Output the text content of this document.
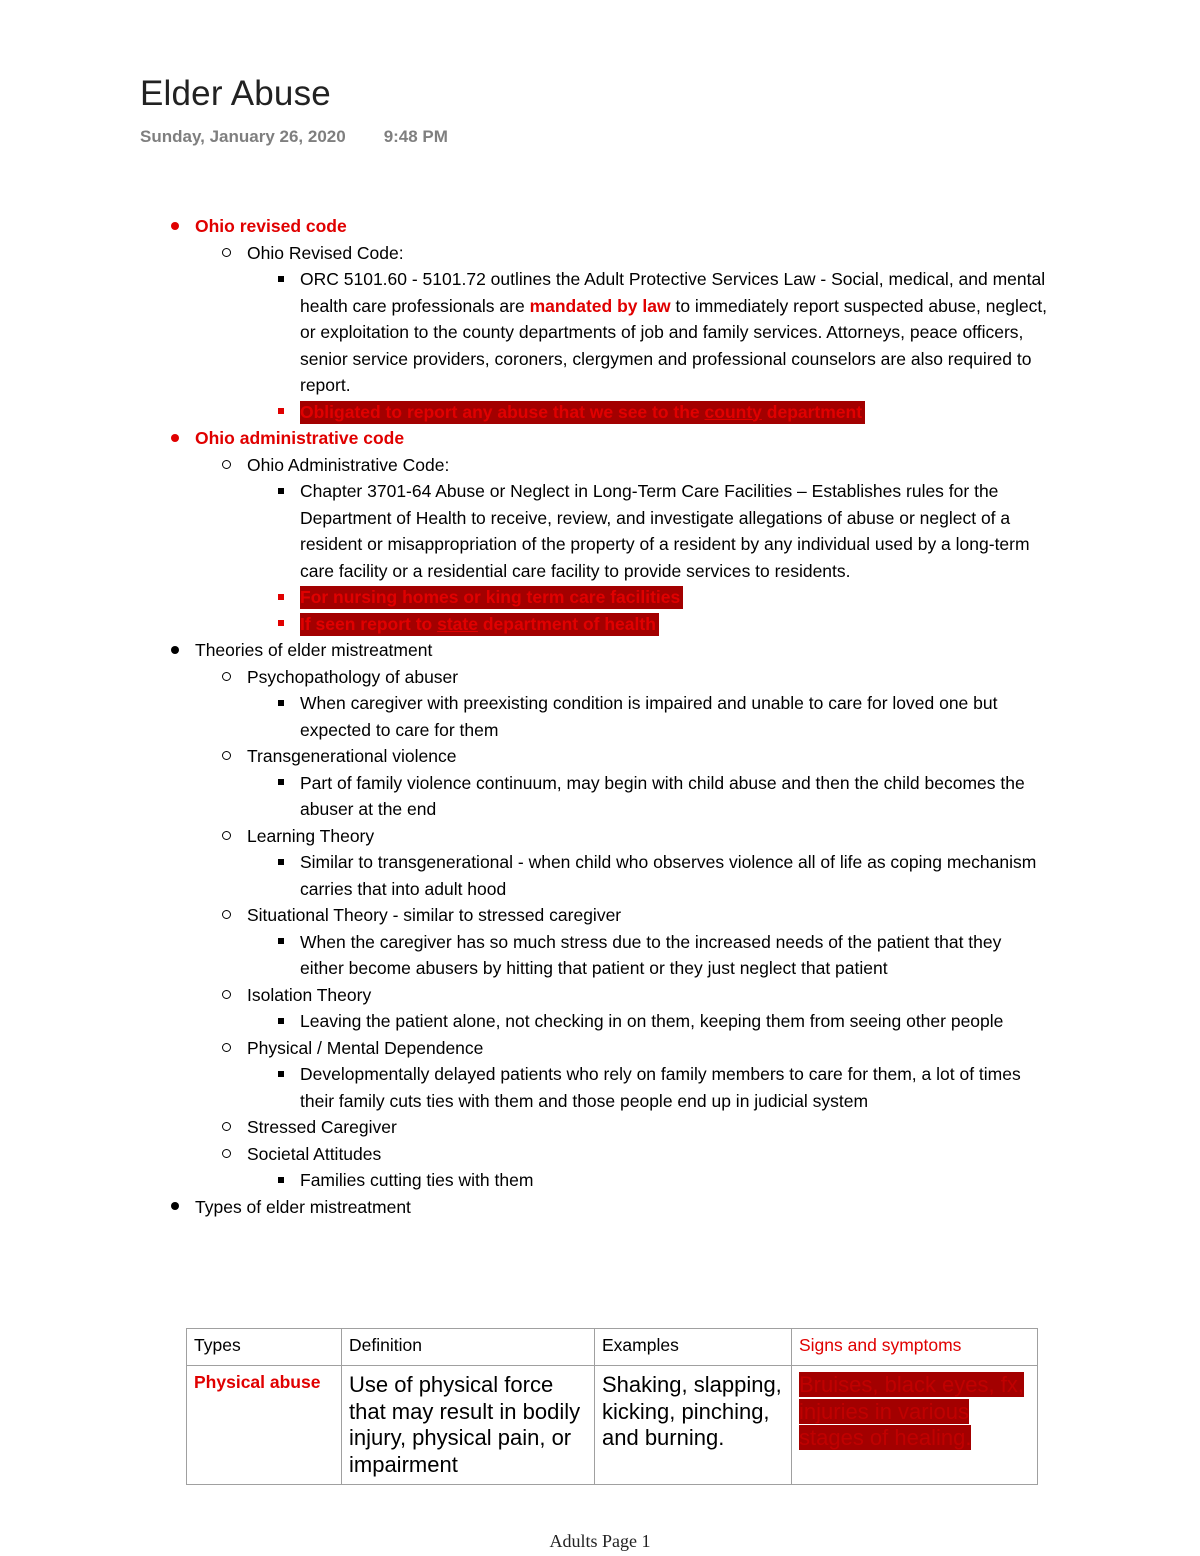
Elder Abuse
Sunday, January 26, 2020 9:48 PM
Ohio revised code
Ohio Revised Code:
ORC 5101.60 - 5101.72 outlines the Adult Protective Services Law - Social, medical, and mental health care professionals are mandated by law to immediately report suspected abuse, neglect, or exploitation to the county departments of job and family services. Attorneys, peace officers, senior service providers, coroners, clergymen and professional counselors are also required to report.
Obligated to report any abuse that we see to the county department
Ohio administrative code
Ohio Administrative Code:
Chapter 3701-64 Abuse or Neglect in Long-Term Care Facilities – Establishes rules for the Department of Health to receive, review, and investigate allegations of abuse or neglect of a resident or misappropriation of the property of a resident by any individual used by a long-term care facility or a residential care facility to provide services to residents.
For nursing homes or king term care facilities
If seen report to state department of health
Theories of elder mistreatment
Psychopathology of abuser
When caregiver with preexisting condition is impaired and unable to care for loved one but expected to care for them
Transgenerational violence
Part of family violence continuum, may begin with child abuse and then the child becomes the abuser at the end
Learning Theory
Similar to transgenerational - when child who observes violence all of life as coping mechanism carries that into adult hood
Situational Theory - similar to stressed caregiver
When the caregiver has so much stress due to the increased needs of the patient that they either become abusers by hitting that patient or they just neglect that patient
Isolation Theory
Leaving the patient alone, not checking in on them, keeping them from seeing other people
Physical / Mental Dependence
Developmentally delayed patients who rely on family members to care for them, a lot of times their family cuts ties with them and those people end up in judicial system
Stressed Caregiver
Societal Attitudes
Families cutting ties with them
Types of elder mistreatment
Types	Definition	Examples	Signs and symptoms
Physical abuse	Use of physical force that may result in bodily injury, physical pain, or impairment	Shaking, slapping, kicking, pinching, and burning.	Bruises, black eyes, fx, injuries in various stages of healing.
Adults Page 1
